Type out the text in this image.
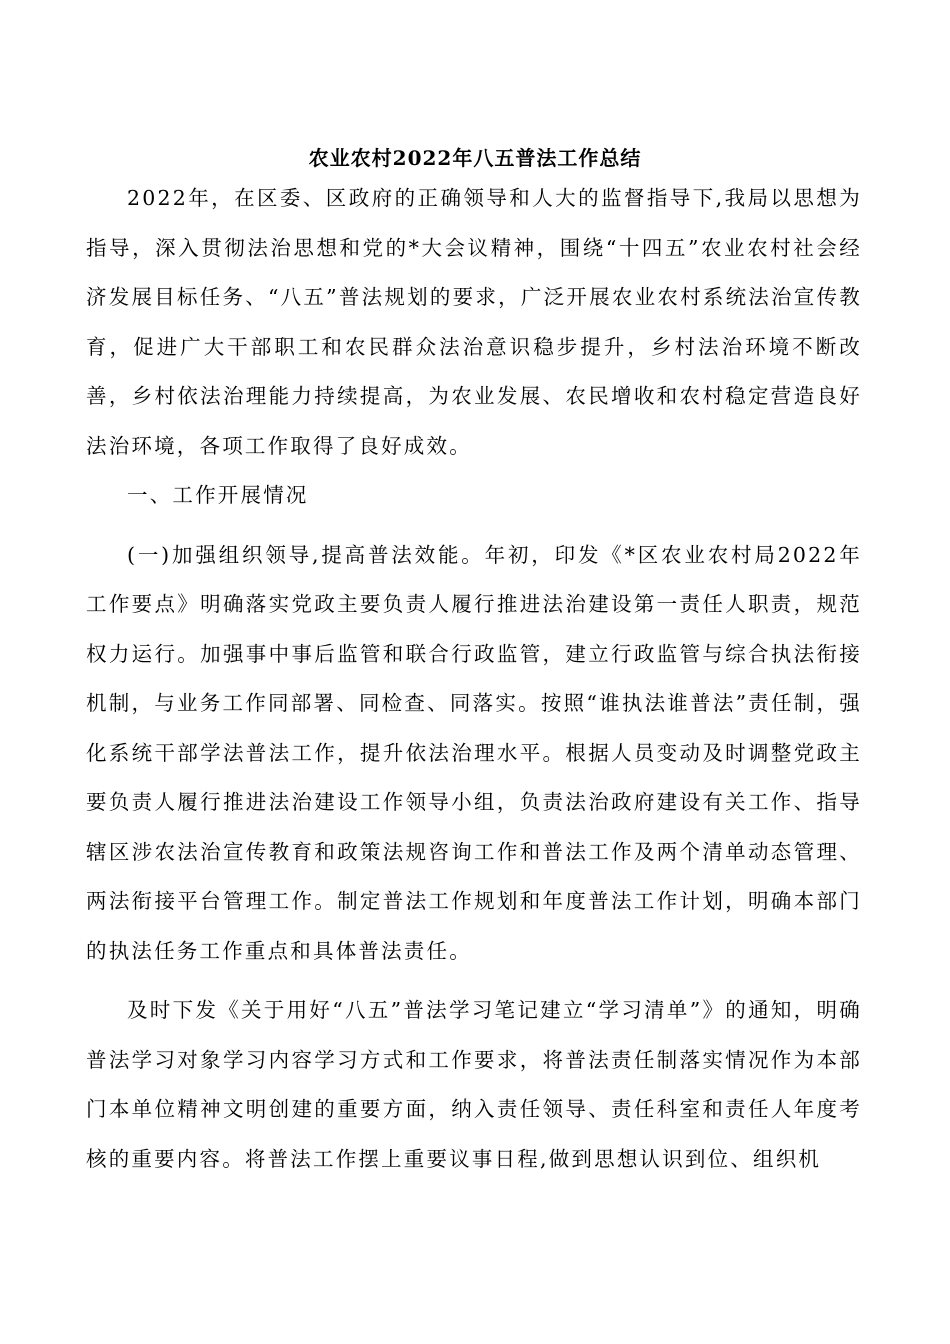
农业农村2022年八五普法工作总结

2022年，在区委、区政府的正确领导和人大的监督指导下,我局以思想为指导，深入贯彻法治思想和党的*大会议精神，围绕“十四五”农业农村社会经济发展目标任务、“八五”普法规划的要求，广泛开展农业农村系统法治宣传教育，促进广大干部职工和农民群众法治意识稳步提升，乡村法治环境不断改善，乡村依法治理能力持续提高，为农业发展、农民增收和农村稳定营造良好法治环境，各项工作取得了良好成效。

一、工作开展情况

(一)加强组织领导,提高普法效能。年初，印发《*区农业农村局2022年工作要点》明确落实党政主要负责人履行推进法治建设第一责任人职责，规范权力运行。加强事中事后监管和联合行政监管，建立行政监管与综合执法衔接机制，与业务工作同部署、同检查、同落实。按照“谁执法谁普法”责任制，强化系统干部学法普法工作，提升依法治理水平。根据人员变动及时调整党政主要负责人履行推进法治建设工作领导小组，负责法治政府建设有关工作、指导辖区涉农法治宣传教育和政策法规咨询工作和普法工作及两个清单动态管理、两法衔接平台管理工作。制定普法工作规划和年度普法工作计划，明确本部门的执法任务工作重点和具体普法责任。

及时下发《关于用好“八五”普法学习笔记建立“学习清单”》的通知，明确普法学习对象学习内容学习方式和工作要求，将普法责任制落实情况作为本部门本单位精神文明创建的重要方面，纳入责任领导、责任科室和责任人年度考核的重要内容。将普法工作摆上重要议事日程,做到思想认识到位、组织机
